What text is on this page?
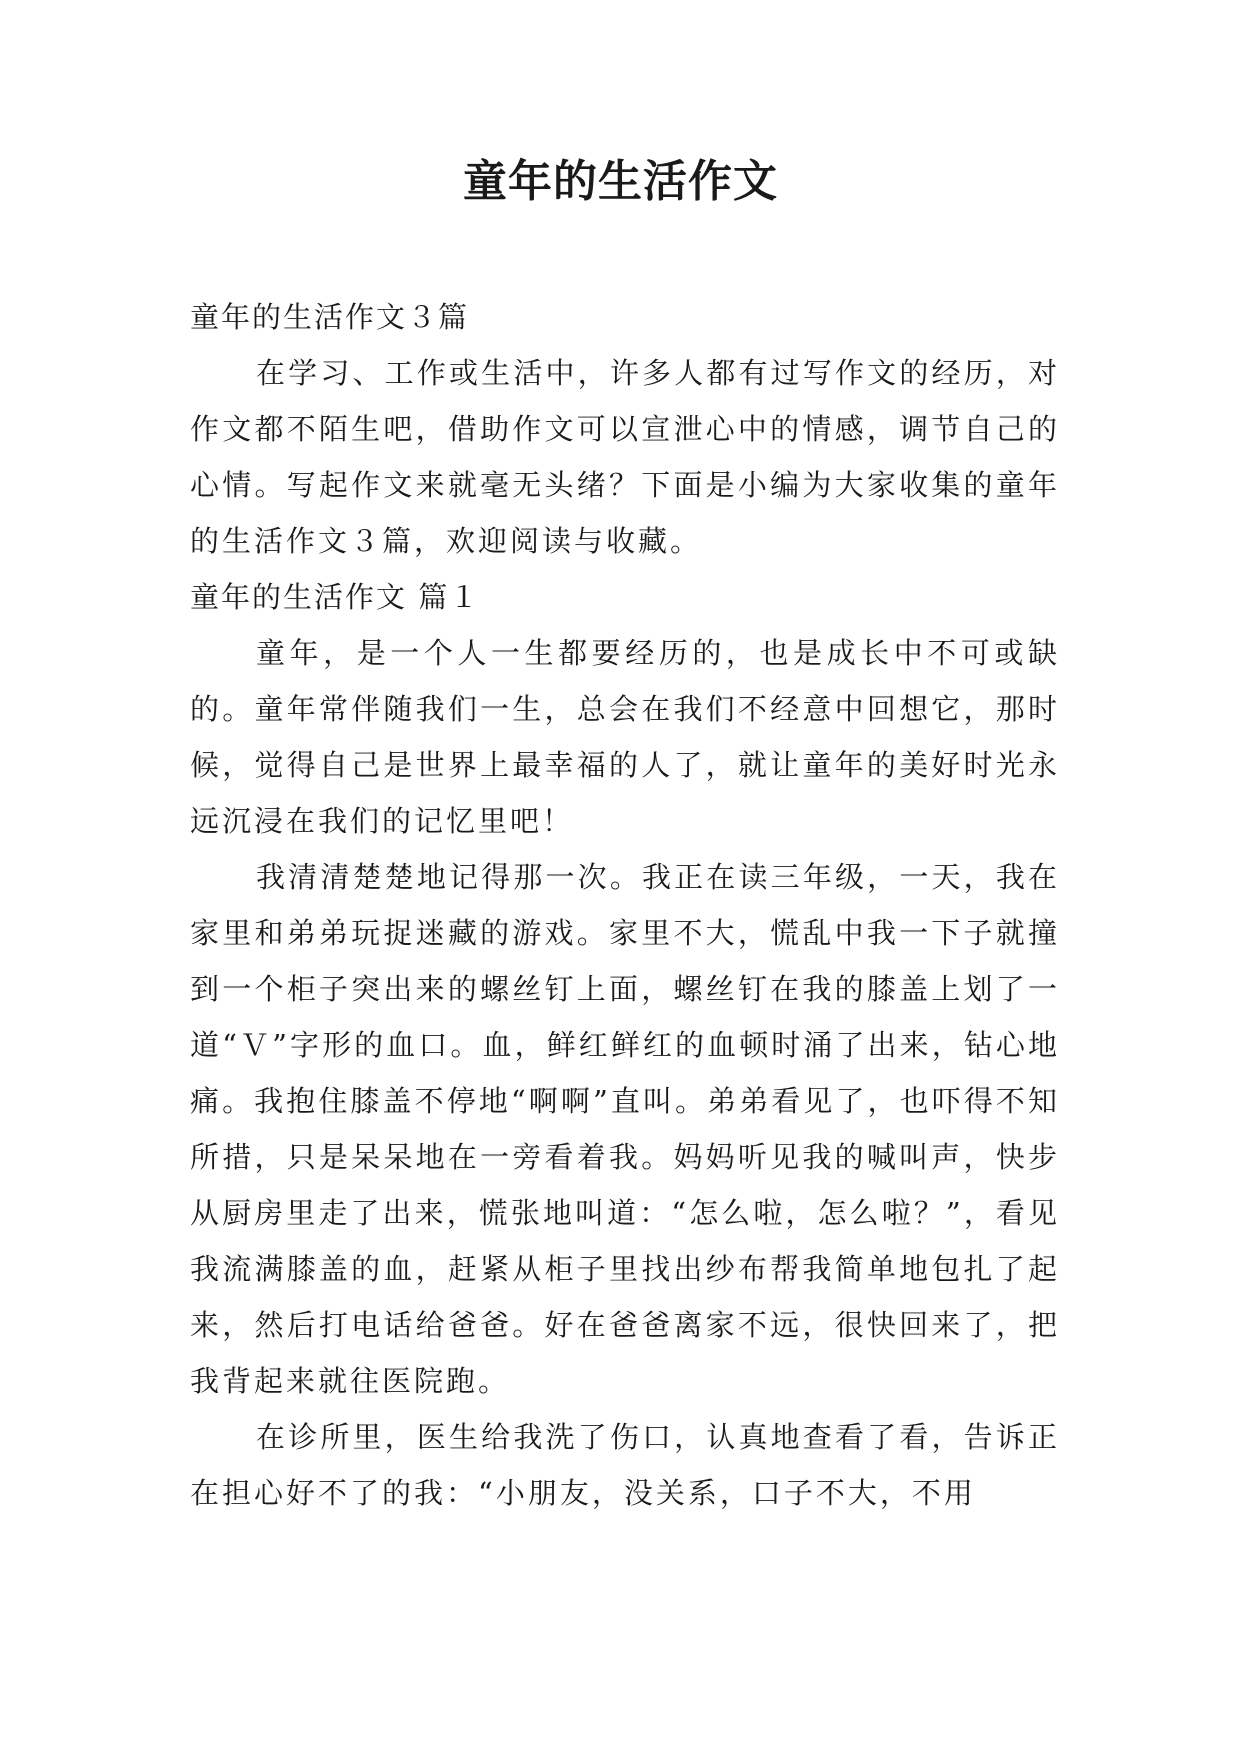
童年的生活作文

童年的生活作文３篇

在学习、工作或生活中，许多人都有过写作文的经历，对作文都不陌生吧，借助作文可以宣泄心中的情感，调节自己的心情。写起作文来就毫无头绪？下面是小编为大家收集的童年的生活作文３篇，欢迎阅读与收藏。

童年的生活作文 篇１

童年，是一个人一生都要经历的，也是成长中不可或缺的。童年常伴随我们一生，总会在我们不经意中回想它，那时候，觉得自己是世界上最幸福的人了，就让童年的美好时光永远沉浸在我们的记忆里吧！

我清清楚楚地记得那一次。我正在读三年级，一天，我在家里和弟弟玩捉迷藏的游戏。家里不大，慌乱中我一下子就撞到一个柜子突出来的螺丝钉上面，螺丝钉在我的膝盖上划了一道“Ｖ”字形的血口。血，鲜红鲜红的血顿时涌了出来，钻心地痛。我抱住膝盖不停地“啊啊”直叫。弟弟看见了，也吓得不知所措，只是呆呆地在一旁看着我。妈妈听见我的喊叫声，快步从厨房里走了出来，慌张地叫道：“怎么啦，怎么啦？”，看见我流满膝盖的血，赶紧从柜子里找出纱布帮我简单地包扎了起来，然后打电话给爸爸。好在爸爸离家不远，很快回来了，把我背起来就往医院跑。

在诊所里，医生给我洗了伤口，认真地查看了看，告诉正在担心好不了的我：“小朋友，没关系，口子不大，不用
